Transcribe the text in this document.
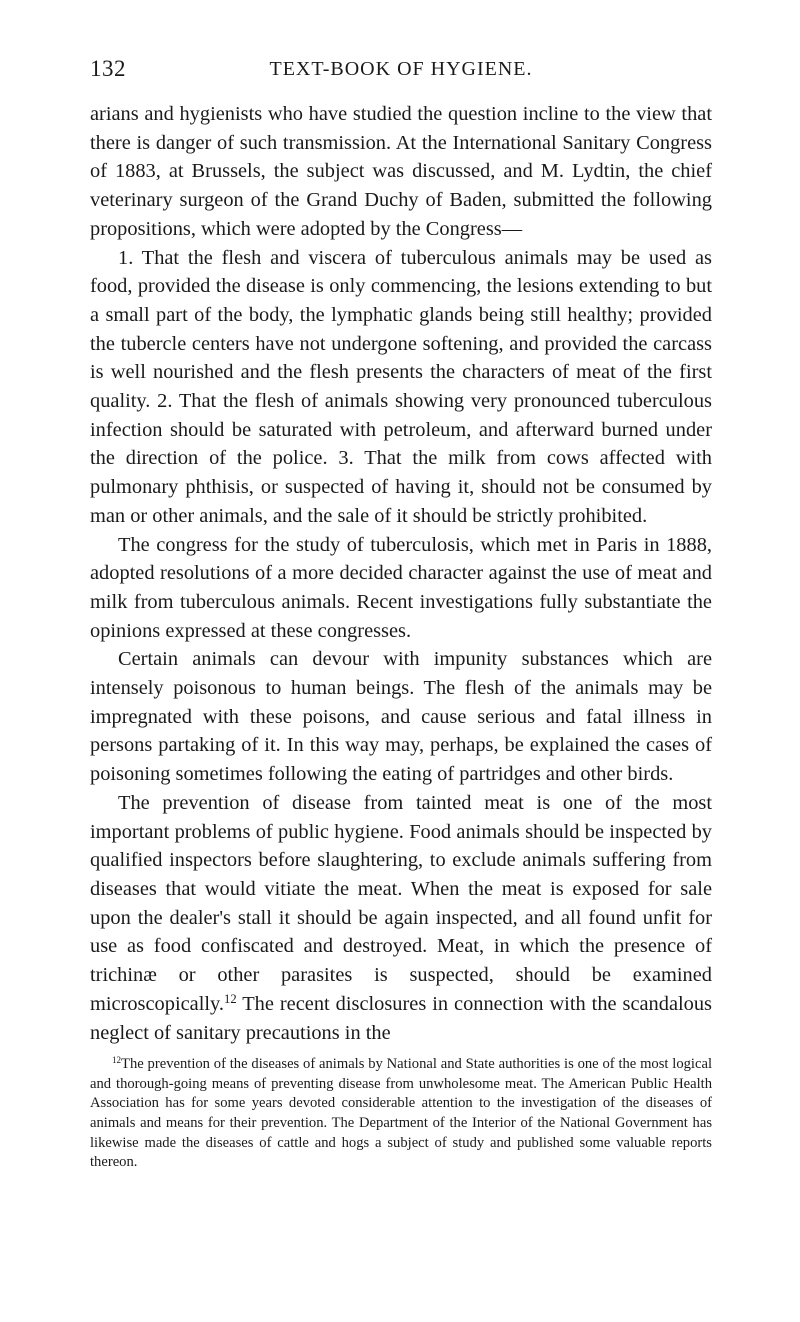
132	TEXT-BOOK OF HYGIENE.

arians and hygienists who have studied the question incline to the view that there is danger of such transmission. At the International Sanitary Congress of 1883, at Brussels, the subject was discussed, and M. Lydtin, the chief veterinary surgeon of the Grand Duchy of Baden, submitted the following propositions, which were adopted by the Congress—

1. That the flesh and viscera of tuberculous animals may be used as food, provided the disease is only commencing, the lesions extending to but a small part of the body, the lymphatic glands being still healthy; provided the tubercle centers have not undergone softening, and provided the carcass is well nourished and the flesh presents the characters of meat of the first quality. 2. That the flesh of animals showing very pronounced tuberculous infection should be saturated with petroleum, and afterward burned under the direction of the police. 3. That the milk from cows affected with pulmonary phthisis, or suspected of having it, should not be consumed by man or other animals, and the sale of it should be strictly prohibited.

The congress for the study of tuberculosis, which met in Paris in 1888, adopted resolutions of a more decided character against the use of meat and milk from tuberculous animals. Recent investigations fully substantiate the opinions expressed at these congresses.

Certain animals can devour with impunity substances which are intensely poisonous to human beings. The flesh of the animals may be impregnated with these poisons, and cause serious and fatal illness in persons partaking of it. In this way may, perhaps, be explained the cases of poisoning sometimes following the eating of partridges and other birds.

The prevention of disease from tainted meat is one of the most important problems of public hygiene. Food animals should be inspected by qualified inspectors before slaughtering, to exclude animals suffering from diseases that would vitiate the meat. When the meat is exposed for sale upon the dealer's stall it should be again inspected, and all found unfit for use as food confiscated and destroyed. Meat, in which the presence of trichinæ or other parasites is suspected, should be examined microscopically.$^{12}$ The recent disclosures in connection with the scandalous neglect of sanitary precautions in the

$^{12}$The prevention of the diseases of animals by National and State authorities is one of the most logical and thorough-going means of preventing disease from unwholesome meat. The American Public Health Association has for some years devoted considerable attention to the investigation of the diseases of animals and means for their prevention. The Department of the Interior of the National Government has likewise made the diseases of cattle and hogs a subject of study and published some valuable reports thereon.
